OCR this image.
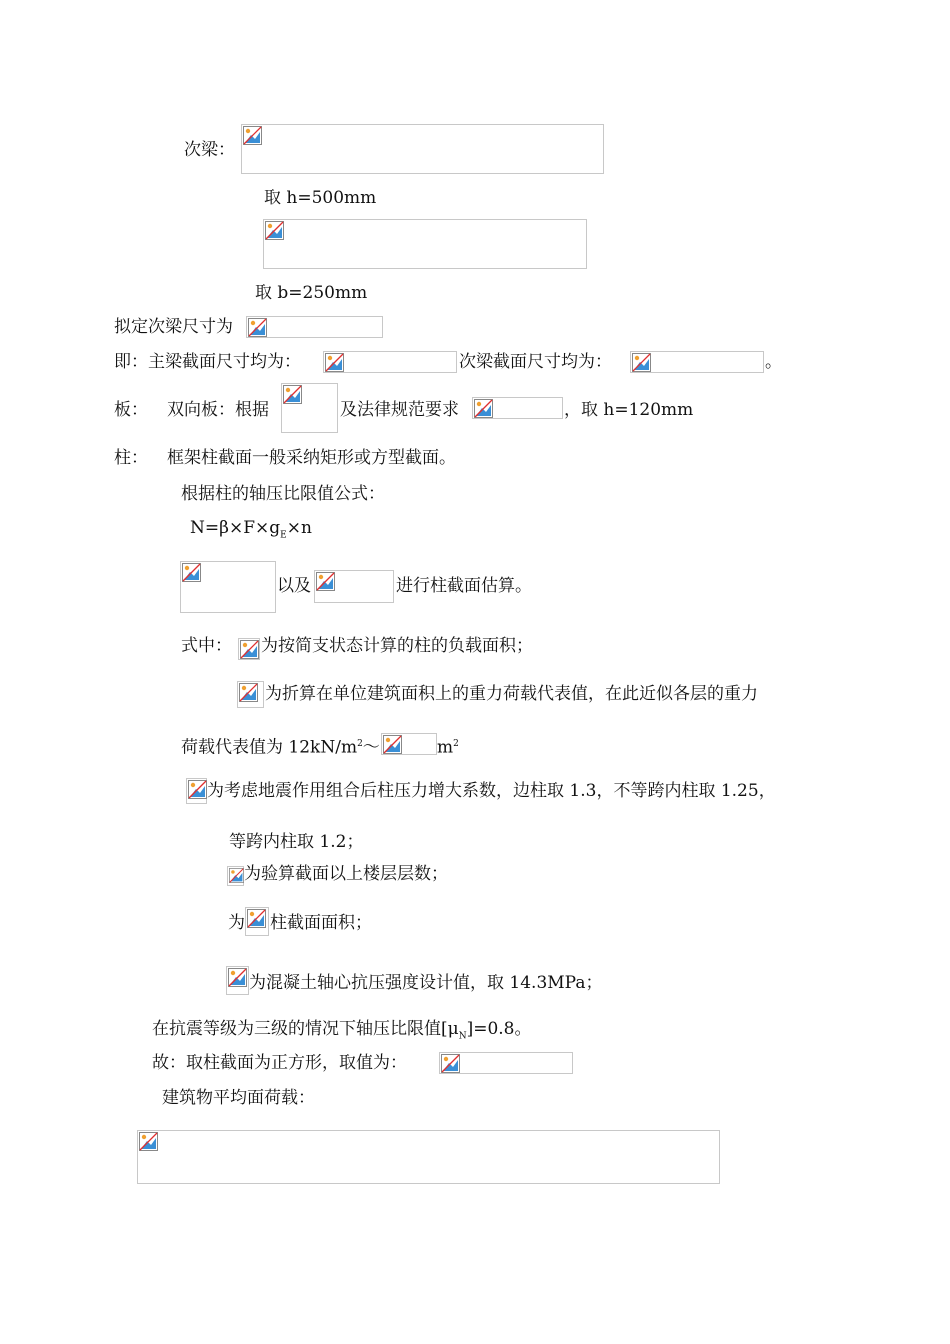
次梁：
取 h=500mm
取 b=250mm
拟定次梁尺寸为
即：主梁截面尺寸均为：	次梁截面尺寸均为：	。
板： 双向板：根据	及法律规范要求	，取 h=120mm
柱： 框架柱截面一般采纳矩形或方型截面。
根据柱的轴压比限值公式：
$N=\beta\times F\times g_E\times n$
以及	进行柱截面估算。
式中： 为按简支状态计算的柱的负载面积；
为折算在单位建筑面积上的重力荷载代表值，在此近似各层的重力
荷载代表值为 $12kN/m^2\sim$	$m^2$
为考虑地震作用组合后柱压力增大系数，边柱取 1.3，不等跨内柱取 1.25，
等跨内柱取 1.2；
为验算截面以上楼层层数；
为 柱截面面积；
为混凝土轴心抗压强度设计值，取 14.3MPa；
在抗震等级为三级的情况下轴压比限值$[\mu_N]=0.8$。
故：取柱截面为正方形，取值为：
建筑物平均面荷载：
